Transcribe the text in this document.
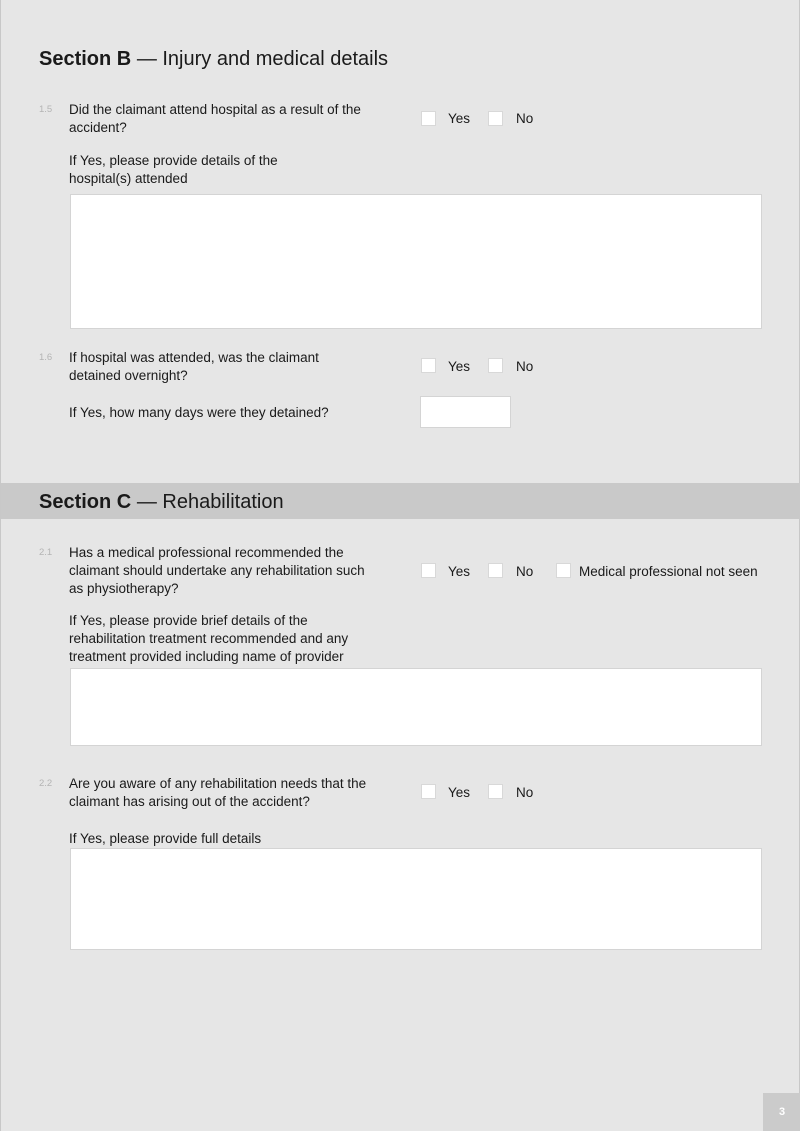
Section B — Injury and medical details
1.5 Did the claimant attend hospital as a result of the accident?
Yes	No
If Yes, please provide details of the hospital(s) attended
1.6 If hospital was attended, was the claimant detained overnight?
Yes	No
If Yes, how many days were they detained?
Section C — Rehabilitation
2.1 Has a medical professional recommended the claimant should undertake any rehabilitation such as physiotherapy?
Yes	No	Medical professional not seen
If Yes, please provide brief details of the rehabilitation treatment recommended and any treatment provided including name of provider
2.2 Are you aware of any rehabilitation needs that the claimant has arising out of the accident?
Yes	No
If Yes, please provide full details
3
